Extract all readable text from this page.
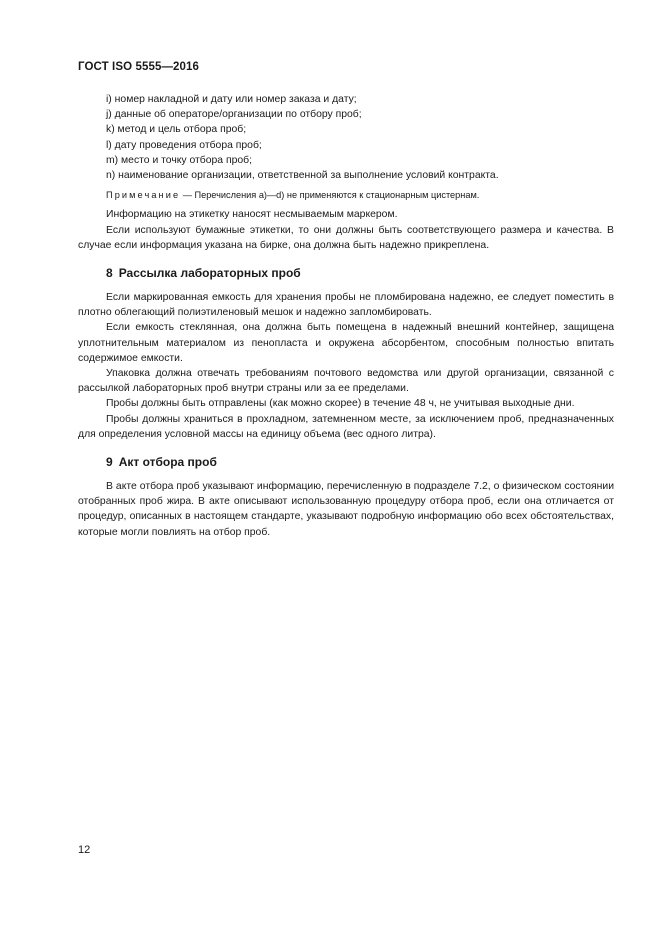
ГОСТ ISO 5555—2016
i) номер накладной и дату или номер заказа и дату;
j) данные об операторе/организации по отбору проб;
k) метод и цель отбора проб;
l) дату проведения отбора проб;
m) место и точку отбора проб;
n) наименование организации, ответственной за выполнение условий контракта.
Примечание — Перечисления a)—d) не применяются к стационарным цистернам.
Информацию на этикетку наносят несмываемым маркером.
Если используют бумажные этикетки, то они должны быть соответствующего размера и качества. В случае если информация указана на бирке, она должна быть надежно прикреплена.
8 Рассылка лабораторных проб
Если маркированная емкость для хранения пробы не пломбирована надежно, ее следует поместить в плотно облегающий полиэтиленовый мешок и надежно запломбировать.
Если емкость стеклянная, она должна быть помещена в надежный внешний контейнер, защищена уплотнительным материалом из пенопласта и окружена абсорбентом, способным полностью впитать содержимое емкости.
Упаковка должна отвечать требованиям почтового ведомства или другой организации, связанной с рассылкой лабораторных проб внутри страны или за ее пределами.
Пробы должны быть отправлены (как можно скорее) в течение 48 ч, не учитывая выходные дни.
Пробы должны храниться в прохладном, затемненном месте, за исключением проб, предназначенных для определения условной массы на единицу объема (вес одного литра).
9 Акт отбора проб
В акте отбора проб указывают информацию, перечисленную в подразделе 7.2, о физическом состоянии отобранных проб жира. В акте описывают использованную процедуру отбора проб, если она отличается от процедур, описанных в настоящем стандарте, указывают подробную информацию обо всех обстоятельствах, которые могли повлиять на отбор проб.
12
